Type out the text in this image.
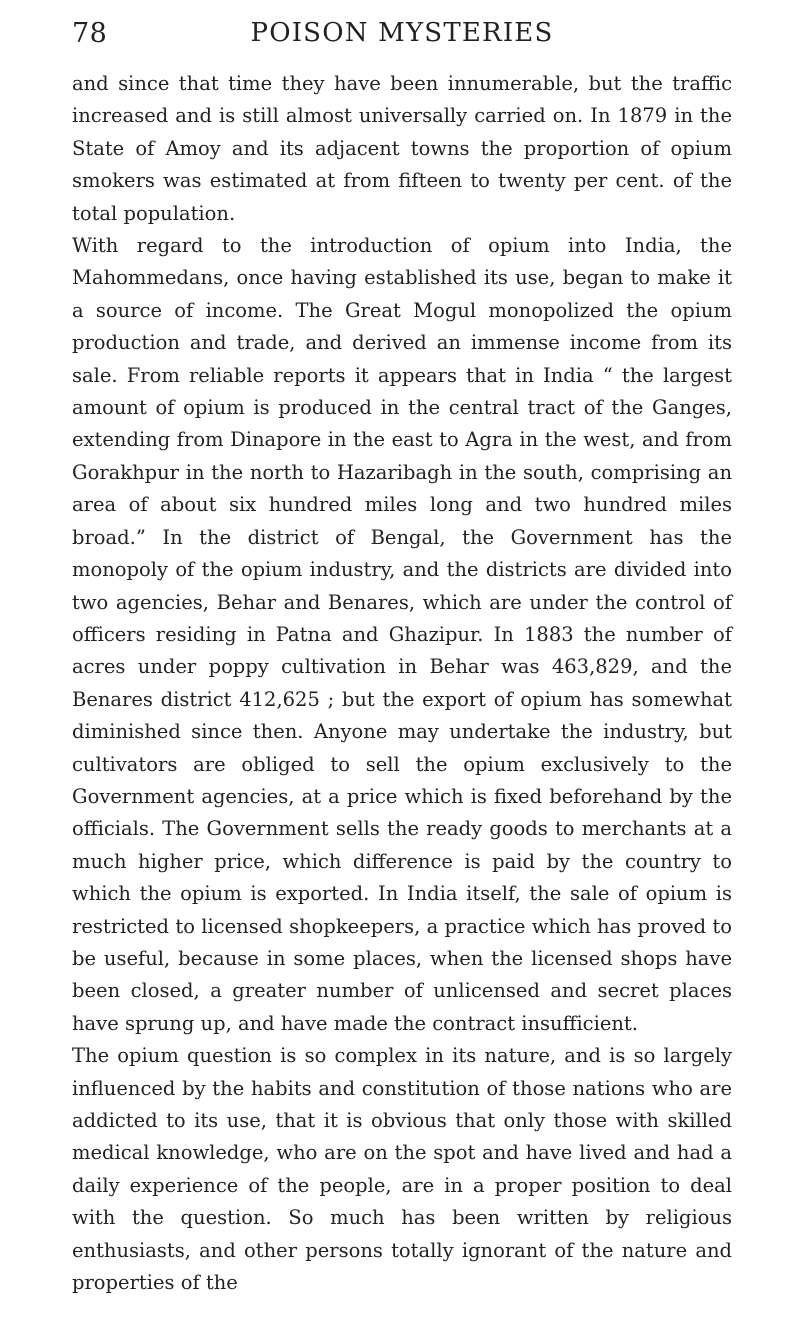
78	POISON MYSTERIES

and since that time they have been innumerable, but the traffic increased and is still almost universally carried on. In 1879 in the State of Amoy and its adjacent towns the proportion of opium smokers was estimated at from fifteen to twenty per cent. of the total population.

With regard to the introduction of opium into India, the Mahommedans, once having established its use, began to make it a source of income. The Great Mogul monopolized the opium production and trade, and derived an immense income from its sale. From reliable reports it appears that in India “ the largest amount of opium is produced in the central tract of the Ganges, extending from Dinapore in the east to Agra in the west, and from Gorakhpur in the north to Hazaribagh in the south, comprising an area of about six hundred miles long and two hundred miles broad.” In the district of Bengal, the Government has the monopoly of the opium industry, and the districts are divided into two agencies, Behar and Benares, which are under the control of officers residing in Patna and Ghazipur. In 1883 the number of acres under poppy cultivation in Behar was 463,829, and the Benares district 412,625 ; but the export of opium has somewhat diminished since then. Anyone may undertake the industry, but cultivators are obliged to sell the opium exclusively to the Government agencies, at a price which is fixed beforehand by the officials. The Government sells the ready goods to merchants at a much higher price, which difference is paid by the country to which the opium is exported. In India itself, the sale of opium is restricted to licensed shopkeepers, a practice which has proved to be useful, because in some places, when the licensed shops have been closed, a greater number of unlicensed and secret places have sprung up, and have made the contract insufficient.

The opium question is so complex in its nature, and is so largely influenced by the habits and constitution of those nations who are addicted to its use, that it is obvious that only those with skilled medical knowledge, who are on the spot and have lived and had a daily experience of the people, are in a proper position to deal with the question. So much has been written by religious enthusiasts, and other persons totally ignorant of the nature and properties of the
